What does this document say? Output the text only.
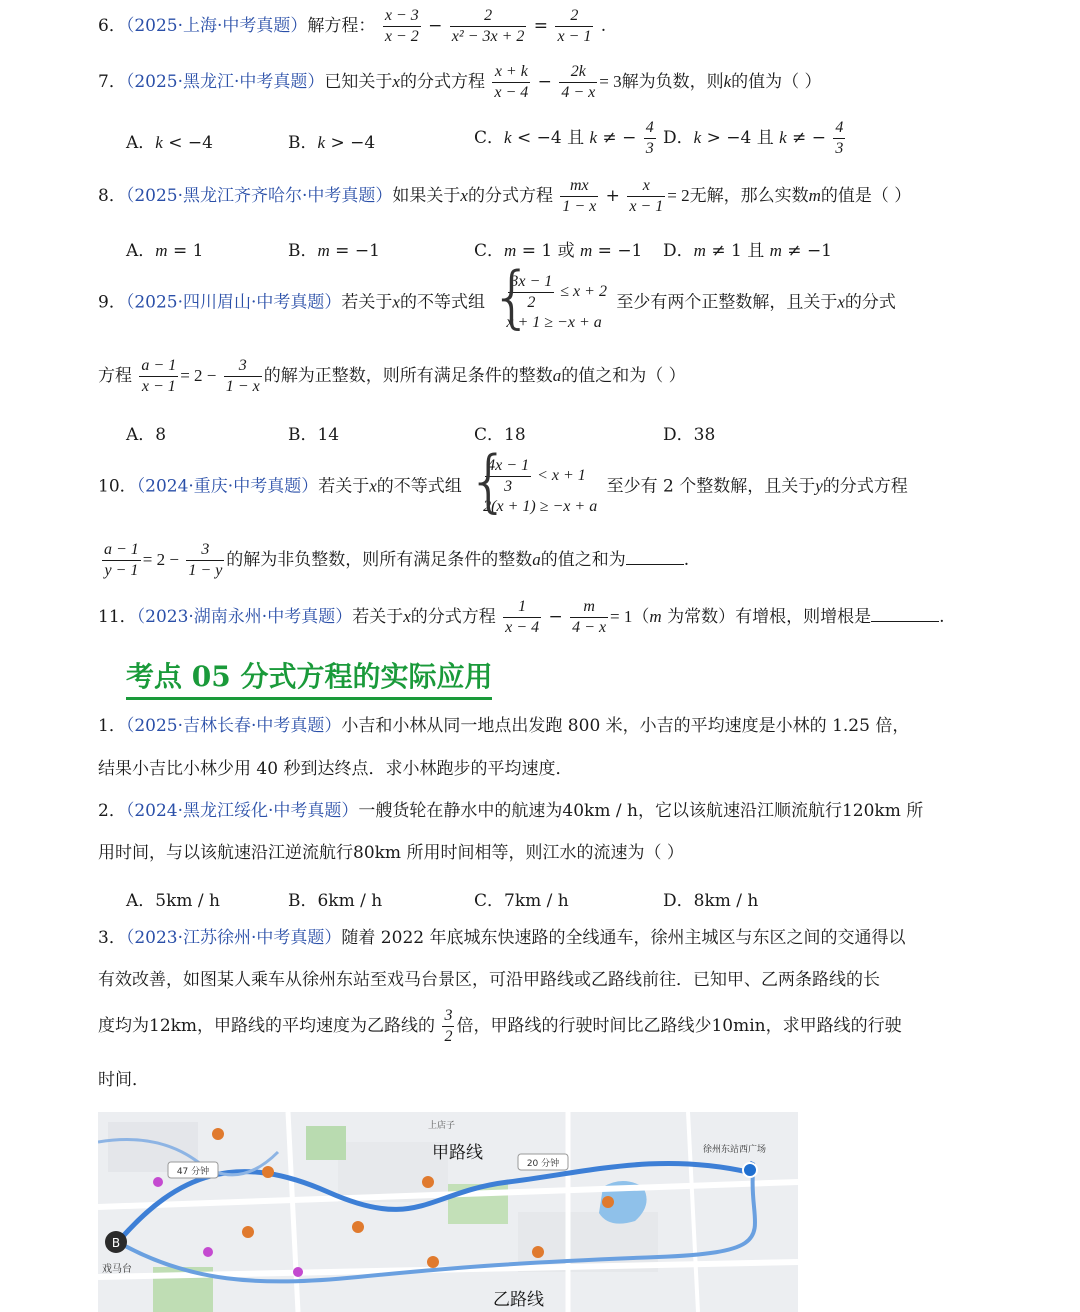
6．（2025·上海·中考真题）解方程： $\frac{x - 3}{x - 2} - \frac{2}{\text{x² − 3x + 2}} = \frac{2}{x - 1}$ .
7．（2025·黑龙江·中考真题）已知关于x的分式方程 $\frac{x + k}{x - 4} - \frac{2k}{4 - x} = 3$解为负数，则k的值为（ ）
A．k < −4	B．k > −4	C．k < −4 且 k ≠ − $\frac{4}{3}$ D．k > −4 且 k ≠ − $\frac{4}{3}$
8．（2025·黑龙江齐齐哈尔·中考真题）如果关于x的分式方程 $\frac{mx}{1 - x} + \frac{x}{x - 1} = 2$无解，那么实数m的值是（ ）
A．m = 1	B．m = −1	C．m = 1 或 m = −1 D．m ≠ 1 且 m ≠ −1
9．（2025·四川眉山·中考真题）若关于x的不等式组 { $\frac{3x - 1}{2} \le x + 2$
x + 1 ≥ −x + a
至少有两个正整数解，且关于x的分式
方程 $\frac{a - 1}{x - 1} = 2 - \frac{3}{1 - x}$ 的解为正整数，则所有满足条件的整数a的值之和为（ ）
A．8	B．14	C．18	D．38
10．（2024·重庆·中考真题）若关于x的不等式组 { $\frac{4x - 1}{3} < x + 1$
2(x + 1) ≥ −x + a
至少有 2 个整数解，且关于y的分式方程
$\frac{a - 1}{y - 1} = 2 - \frac{3}{1 - y}$ 的解为非负整数，则所有满足条件的整数a的值之和为	.
11．（2023·湖南永州·中考真题）若关于x的分式方程 $\frac{1}{x - 4} - \frac{m}{4 - x} = 1(m$ 为常数）有增根，则增根是	.
考点 05 分式方程的实际应用
1．（2025·吉林长春·中考真题）小吉和小林从同一地点出发跑 800 米，小吉的平均速度是小林的 1.25 倍，
结果小吉比小林少用 40 秒到达终点．求小林跑步的平均速度．
2．（2024·黑龙江绥化·中考真题）一艘货轮在静水中的航速为40km / h，它以该航速沿江顺流航行120km 所
用时间，与以该航速沿江逆流航行80km 所用时间相等，则江水的流速为（ ）
A．5km / h	B．6km / h	C．7km / h	D．8km / h
3．（2023·江苏徐州·中考真题）随着 2022 年底城东快速路的全线通车，徐州主城区与东区之间的交通得以
有效改善，如图某人乘车从徐州东站至戏马台景区，可沿甲路线或乙路线前往．已知甲、乙两条路线的长
度均为12km，甲路线的平均速度为乙路线的 $\frac{3}{2}$ 倍，甲路线的行驶时间比乙路线少10min，求甲路线的行驶
时间．
B
戏马台
徐州东站西广场
上店子
47 分钟
20 分钟
甲路线
乙路线
